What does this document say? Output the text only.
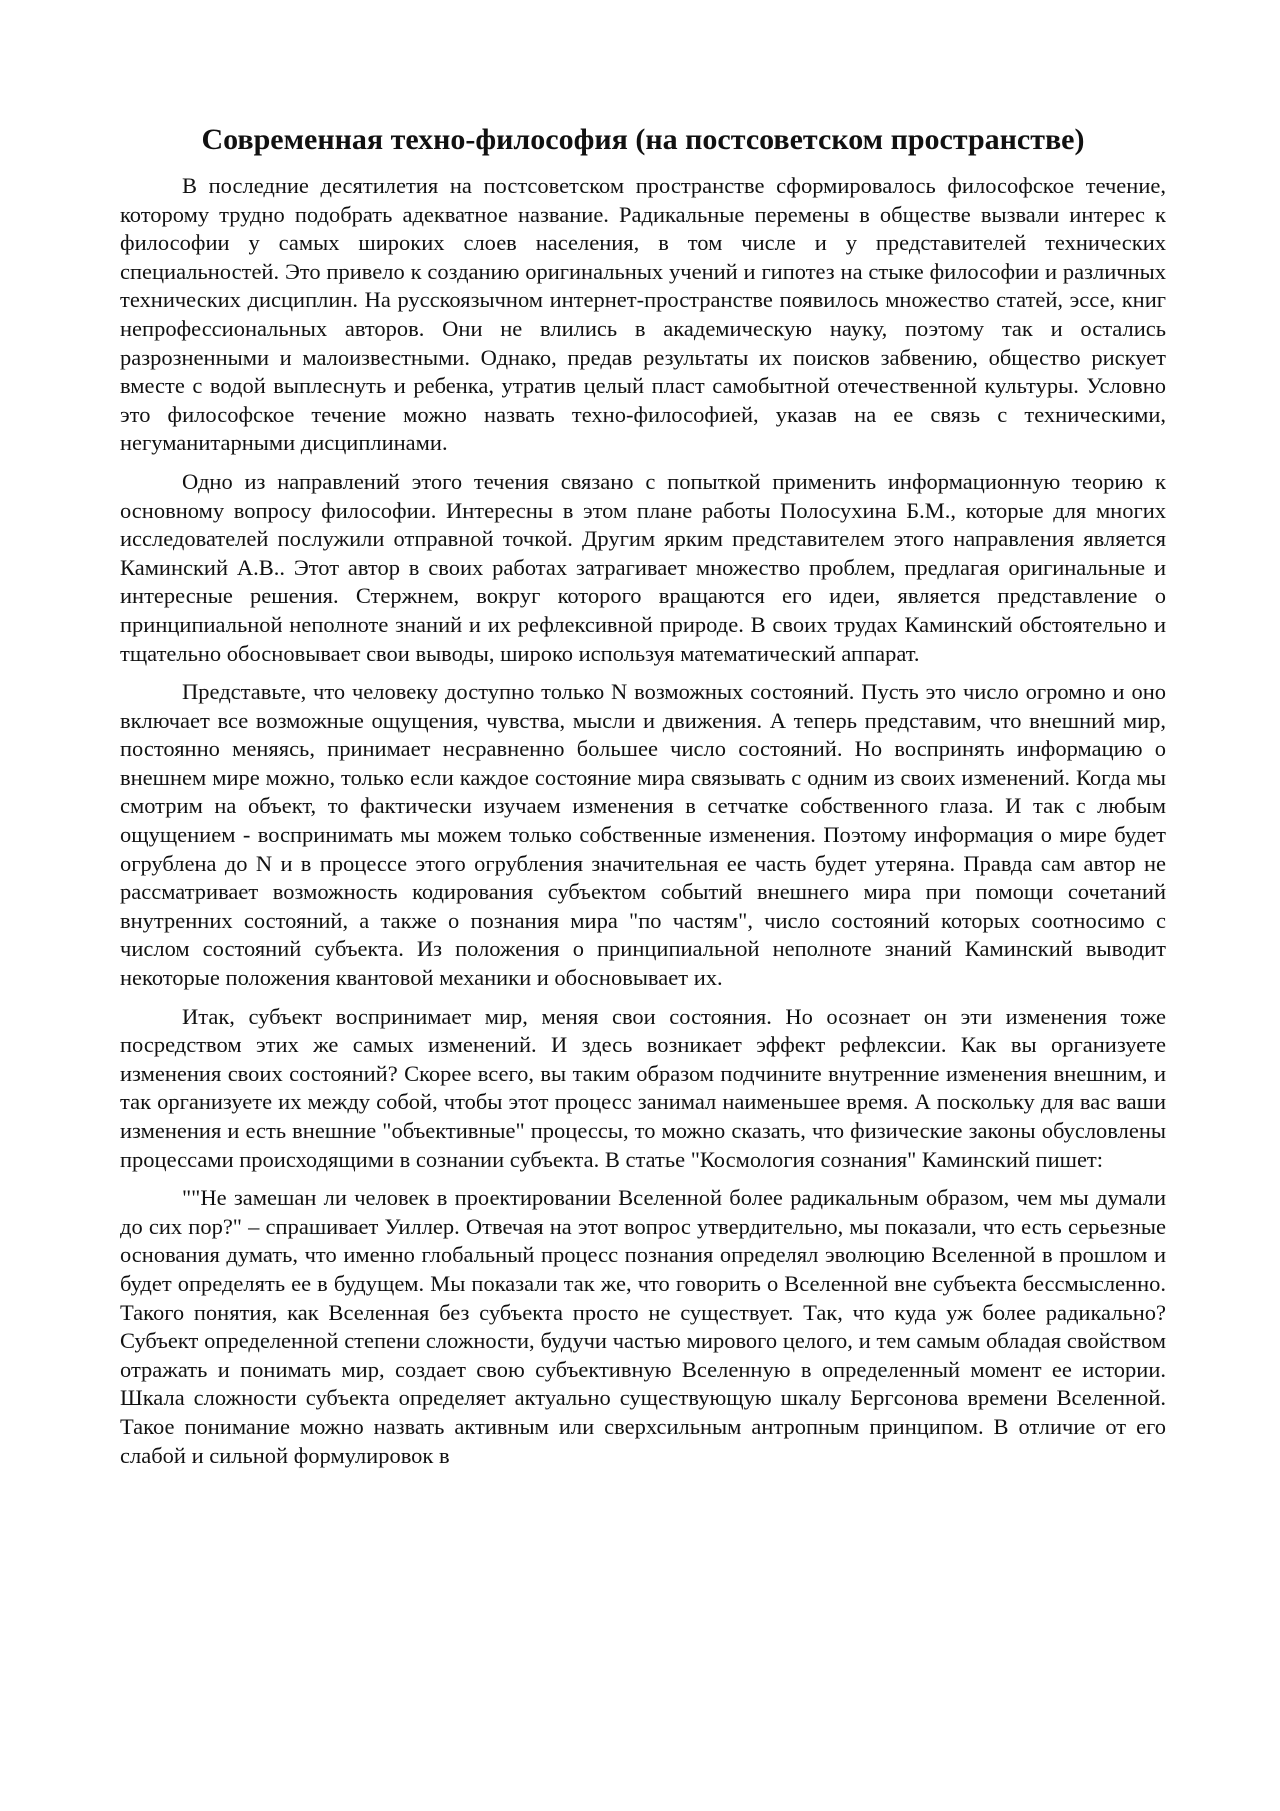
Современная техно-философия (на постсоветском пространстве)

В последние десятилетия на постсоветском пространстве сформировалось философское течение, которому трудно подобрать адекватное название. Радикальные перемены в обществе вызвали интерес к философии у самых широких слоев населения, в том числе и у представителей технических специальностей. Это привело к созданию оригинальных учений и гипотез на стыке философии и различных технических дисциплин. На русскоязычном интернет-пространстве появилось множество статей, эссе, книг непрофессиональных авторов. Они не влились в академическую науку, поэтому так и остались разрозненными и малоизвестными. Однако, предав результаты их поисков забвению, общество рискует вместе с водой выплеснуть и ребенка, утратив целый пласт самобытной отечественной культуры. Условно это философское течение можно назвать техно-философией, указав на ее связь с техническими, негуманитарными дисциплинами.

Одно из направлений этого течения связано с попыткой применить информационную теорию к основному вопросу философии. Интересны в этом плане работы Полосухина Б.М., которые для многих исследователей послужили отправной точкой. Другим ярким представителем этого направления является Каминский А.В.. Этот автор в своих работах затрагивает множество проблем, предлагая оригинальные и интересные решения. Стержнем, вокруг которого вращаются его идеи, является представление о принципиальной неполноте знаний и их рефлексивной природе. В своих трудах Каминский обстоятельно и тщательно обосновывает свои выводы, широко используя математический аппарат.

Представьте, что человеку доступно только N возможных состояний. Пусть это число огромно и оно включает все возможные ощущения, чувства, мысли и движения. А теперь представим, что внешний мир, постоянно меняясь, принимает несравненно большее число состояний. Но воспринять информацию о внешнем мире можно, только если каждое состояние мира связывать с одним из своих изменений. Когда мы смотрим на объект, то фактически изучаем изменения в сетчатке собственного глаза. И так с любым ощущением - воспринимать мы можем только собственные изменения. Поэтому информация о мире будет огрублена до N и в процессе этого огрубления значительная ее часть будет утеряна. Правда сам автор не рассматривает возможность кодирования субъектом событий внешнего мира при помощи сочетаний внутренних состояний, а также о познания мира "по частям", число состояний которых соотносимо с числом состояний субъекта. Из положения о принципиальной неполноте знаний Каминский выводит некоторые положения квантовой механики и обосновывает их.

Итак, субъект воспринимает мир, меняя свои состояния. Но осознает он эти изменения тоже посредством этих же самых изменений. И здесь возникает эффект рефлексии. Как вы организуете изменения своих состояний? Скорее всего, вы таким образом подчините внутренние изменения внешним, и так организуете их между собой, чтобы этот процесс занимал наименьшее время. А поскольку для вас ваши изменения и есть внешние "объективные" процессы, то можно сказать, что физические законы обусловлены процессами происходящими в сознании субъекта. В статье "Космология сознания" Каминский пишет:

""Не замешан ли человек в проектировании Вселенной более радикальным образом, чем мы думали до сих пор?" – спрашивает Уиллер. Отвечая на этот вопрос утвердительно, мы показали, что есть серьезные основания думать, что именно глобальный процесс познания определял эволюцию Вселенной в прошлом и будет определять ее в будущем. Мы показали так же, что говорить о Вселенной вне субъекта бессмысленно. Такого понятия, как Вселенная без субъекта просто не существует. Так, что куда уж более радикально? Субъект определенной степени сложности, будучи частью мирового целого, и тем самым обладая свойством отражать и понимать мир, создает свою субъективную Вселенную в определенный момент ее истории. Шкала сложности субъекта определяет актуально существующую шкалу Бергсонова времени Вселенной. Такое понимание можно назвать активным или сверхсильным антропным принципом. В отличие от его слабой и сильной формулировок в
